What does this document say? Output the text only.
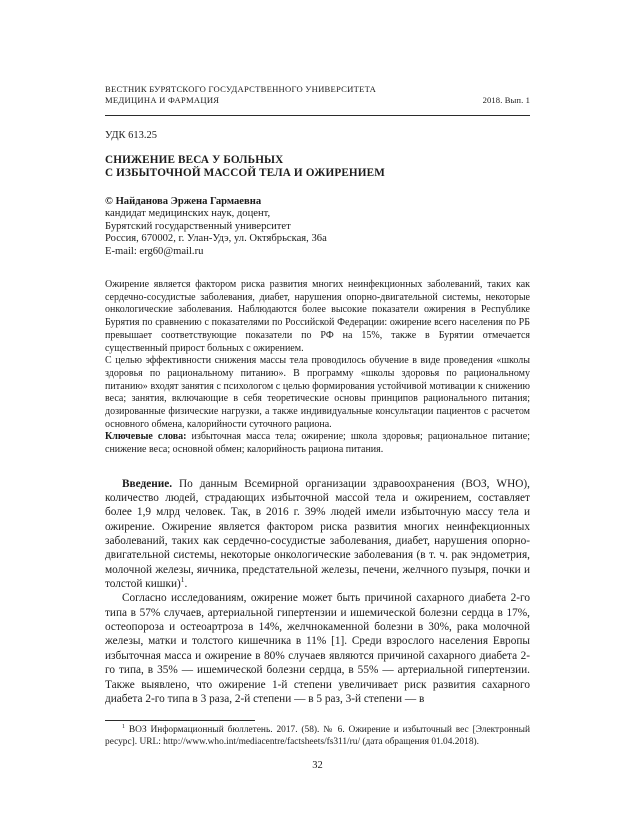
ВЕСТНИК БУРЯТСКОГО ГОСУДАРСТВЕННОГО УНИВЕРСИТЕТА
МЕДИЦИНА И ФАРМАЦИЯ	2018. Вып. 1
УДК 613.25
СНИЖЕНИЕ ВЕСА У БОЛЬНЫХ
С ИЗБЫТОЧНОЙ МАССОЙ ТЕЛА И ОЖИРЕНИЕМ
© Найданова Эржена Гармаевна
кандидат медицинских наук, доцент,
Бурятский государственный университет
Россия, 670002, г. Улан-Удэ, ул. Октябрьская, 36а
E-mail: erg60@mail.ru

Ожирение является фактором риска развития многих неинфекционных заболеваний, таких как сердечно-сосудистые заболевания, диабет, нарушения опорно-двигательной системы, некоторые онкологические заболевания. Наблюдаются более высокие показатели ожирения в Республике Бурятия по сравнению с показателями по Российской Федерации: ожирение всего населения по РБ превышает соответствующие показатели по РФ на 15%, также в Бурятии отмечается существенный прирост больных с ожирением.

С целью эффективности снижения массы тела проводилось обучение в виде проведения «школы здоровья по рациональному питанию». В программу «школы здоровья по рациональному питанию» входят занятия с психологом с целью формирования устойчивой мотивации к снижению веса; занятия, включающие в себя теоретические основы принципов рационального питания; дозированные физические нагрузки, а также индивидуальные консультации пациентов с расчетом основного обмена, калорийности суточного рациона.

Ключевые слова: избыточная масса тела; ожирение; школа здоровья; рациональное питание; снижение веса; основной обмен; калорийность рациона питания.

Введение. По данным Всемирной организации здравоохранения (ВОЗ, WHO), количество людей, страдающих избыточной массой тела и ожирением, составляет более 1,9 млрд человек. Так, в 2016 г. 39% людей имели избыточную массу тела и ожирение. Ожирение является фактором риска развития многих неинфекционных заболеваний, таких как сердечно-сосудистые заболевания, диабет, нарушения опорно-двигательной системы, некоторые онкологические заболевания (в т. ч. рак эндометрия, молочной железы, яичника, предстательной железы, печени, желчного пузыря, почки и толстой кишки)$^1$.

Согласно исследованиям, ожирение может быть причиной сахарного диабета 2-го типа в 57% случаев, артериальной гипертензии и ишемической болезни сердца в 17%, остеопороза и остеоартроза в 14%, желчнокаменной болезни в 30%, рака молочной железы, матки и толстого кишечника в 11% [1]. Среди взрослого населения Европы избыточная масса и ожирение в 80% случаев являются причиной сахарного диабета 2-го типа, в 35% — ишемической болезни сердца, в 55% — артериальной гипертензии. Также выявлено, что ожирение 1-й степени увеличивает риск развития сахарного диабета 2-го типа в 3 раза, 2-й степени — в 5 раз, 3-й степени — в

$^1$ ВОЗ Информационный бюллетень. 2017. (58). № 6. Ожирение и избыточный вес [Электронный ресурс]. URL: http://www.who.int/mediacentre/factsheets/fs311/ru/ (дата обращения 01.04.2018).

32
